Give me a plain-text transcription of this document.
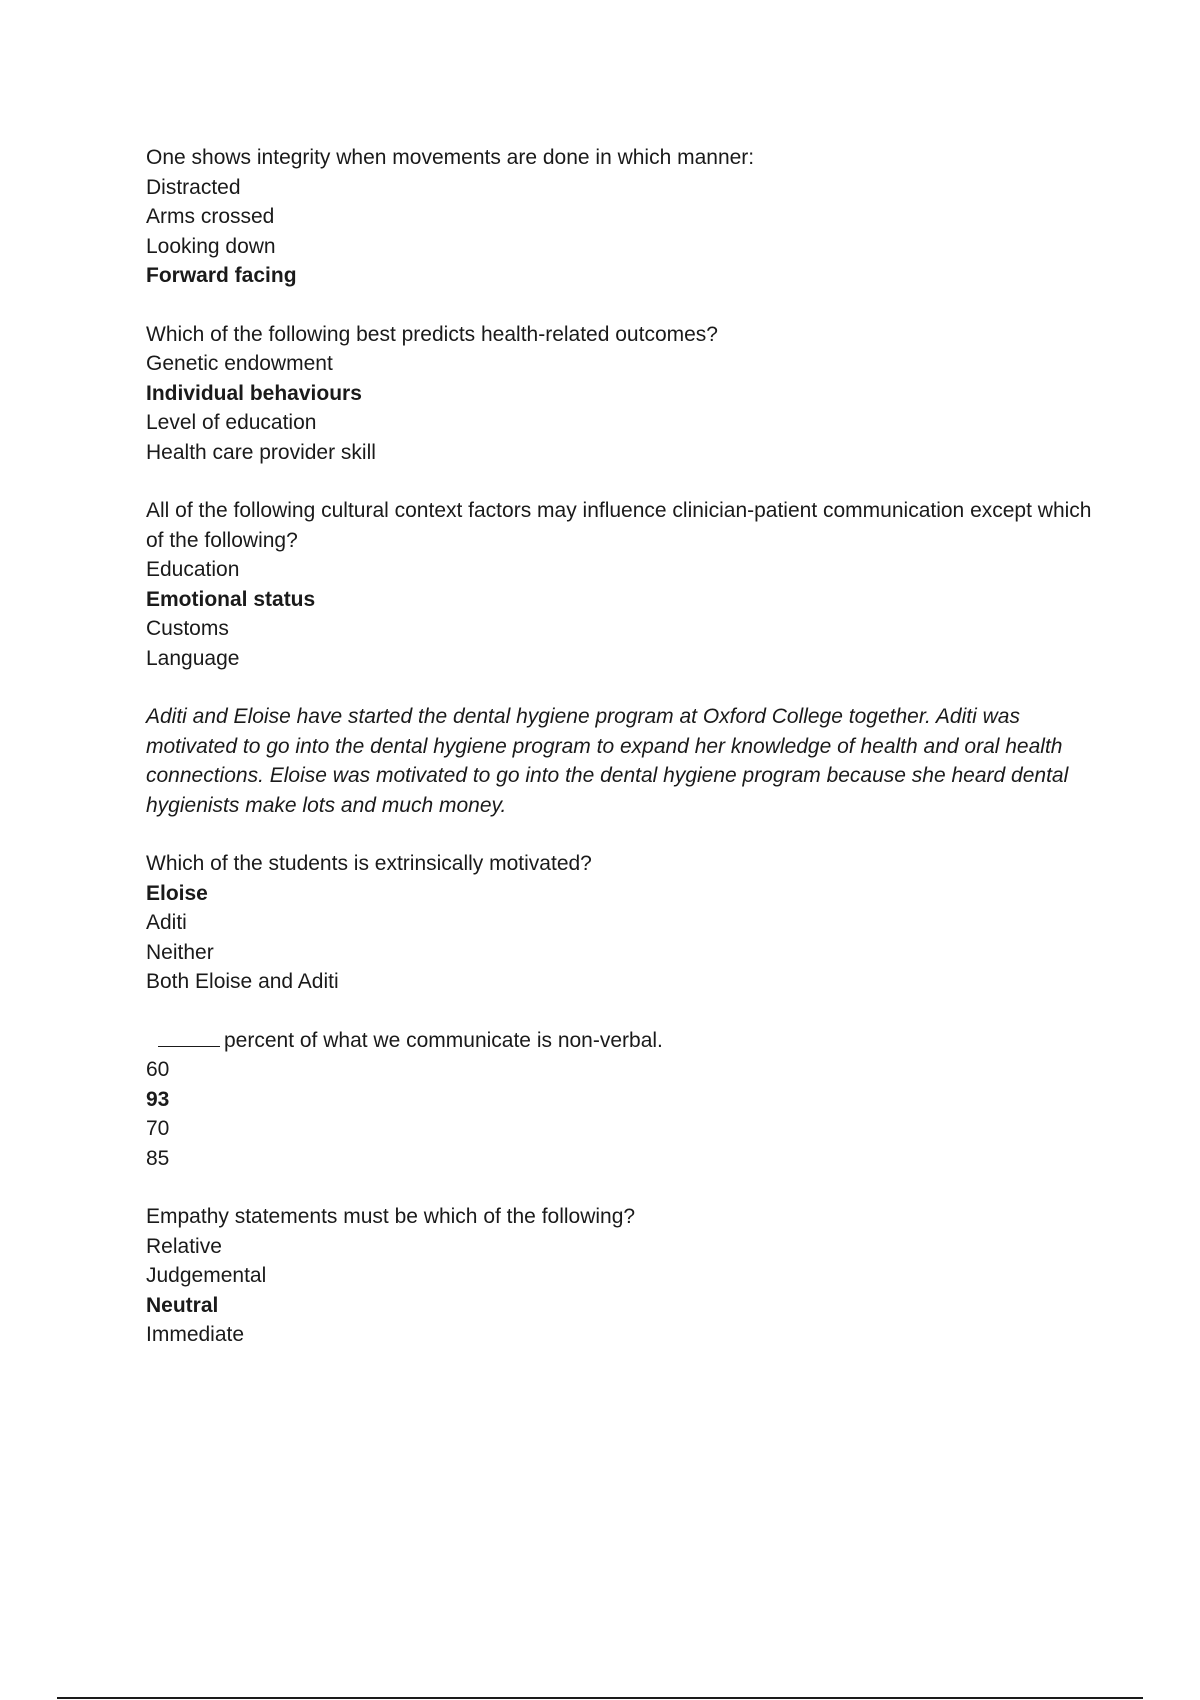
One shows integrity when movements are done in which manner:
Distracted
Arms crossed
Looking down
Forward facing
Which of the following best predicts health-related outcomes?
Genetic endowment
Individual behaviours
Level of education
Health care provider skill
All of the following cultural context factors may influence clinician-patient communication except which of the following?
Education
Emotional status
Customs
Language
Aditi and Eloise have started the dental hygiene program at Oxford College together. Aditi was motivated to go into the dental hygiene program to expand her knowledge of health and oral health connections. Eloise was motivated to go into the dental hygiene program because she heard dental hygienists make lots and much money.
Which of the students is extrinsically motivated?
Eloise
Aditi
Neither
Both Eloise and Aditi
percent of what we communicate is non-verbal.
60
93
70
85
Empathy statements must be which of the following?
Relative
Judgemental
Neutral
Immediate
